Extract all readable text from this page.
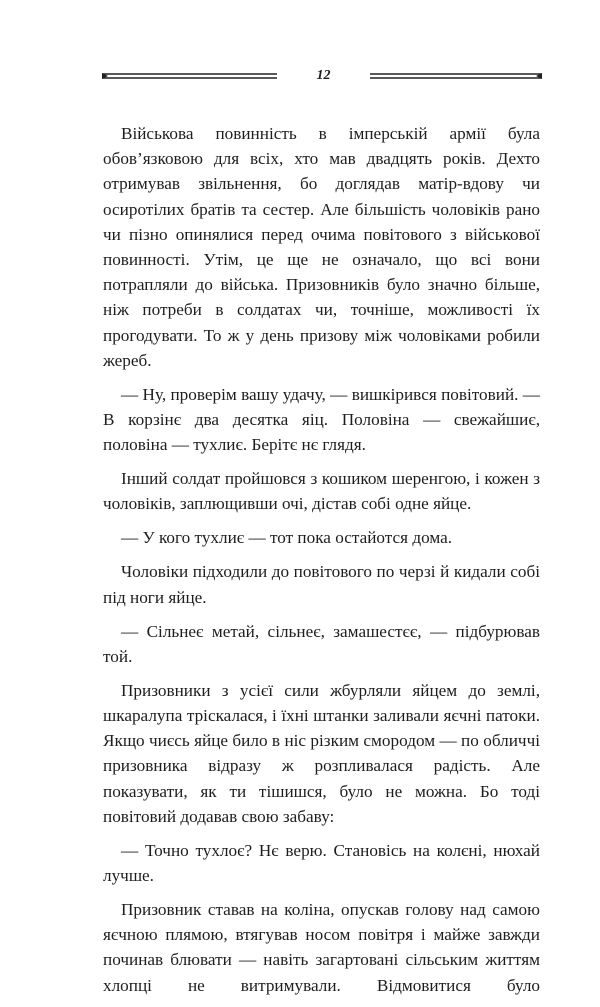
12

Військова повинність в імперській армії була обов’язковою для всіх, хто мав двадцять років. Дехто отримував звільнення, бо доглядав матір-вдову чи осиротілих братів та сестер. Але більшість чоловіків рано чи пізно опинялися перед очима повітового з військової повинності. Утім, це ще не означало, що всі вони потрапляли до війська. Призовників було значно більше, ніж потреби в солдатах чи, точніше, можливості їх прогодувати. То ж у день призову між чоловіками робили жереб.

— Ну, проверім вашу удачу, — вишкірився повітовий. — В корзінє два десятка яіц. Половіна — свежайшиє, половіна — тухлиє. Берітє нє глядя.

Інший солдат пройшовся з кошиком шеренгою, і кожен з чоловіків, заплющивши очі, дістав собі одне яйце.

— У кого тухлиє — тот пока остайотся дома.

Чоловіки підходили до повітового по черзі й кидали собі під ноги яйце.

— Сільнеє метай, сільнеє, замашестєє, — підбурював той.

Призовники з усієї сили жбурляли яйцем до землі, шкаралупа тріскалася, і їхні штанки заливали яєчні патоки. Якщо чиєсь яйце било в ніс різким смородом — по обличчі призовника відразу ж розпливалася радість. Але показувати, як ти тішишся, було не можна. Бо тоді повітовий додавав свою забаву:

— Точно тухлоє? Нє верю. Становісь на колєні, нюхай лучше.

Призовник ставав на коліна, опускав голову над самою яєчною плямою, втягував носом повітря і майже завжди починав блювати — навіть загартовані сільським життям хлопці не витримували. Відмовитися було
